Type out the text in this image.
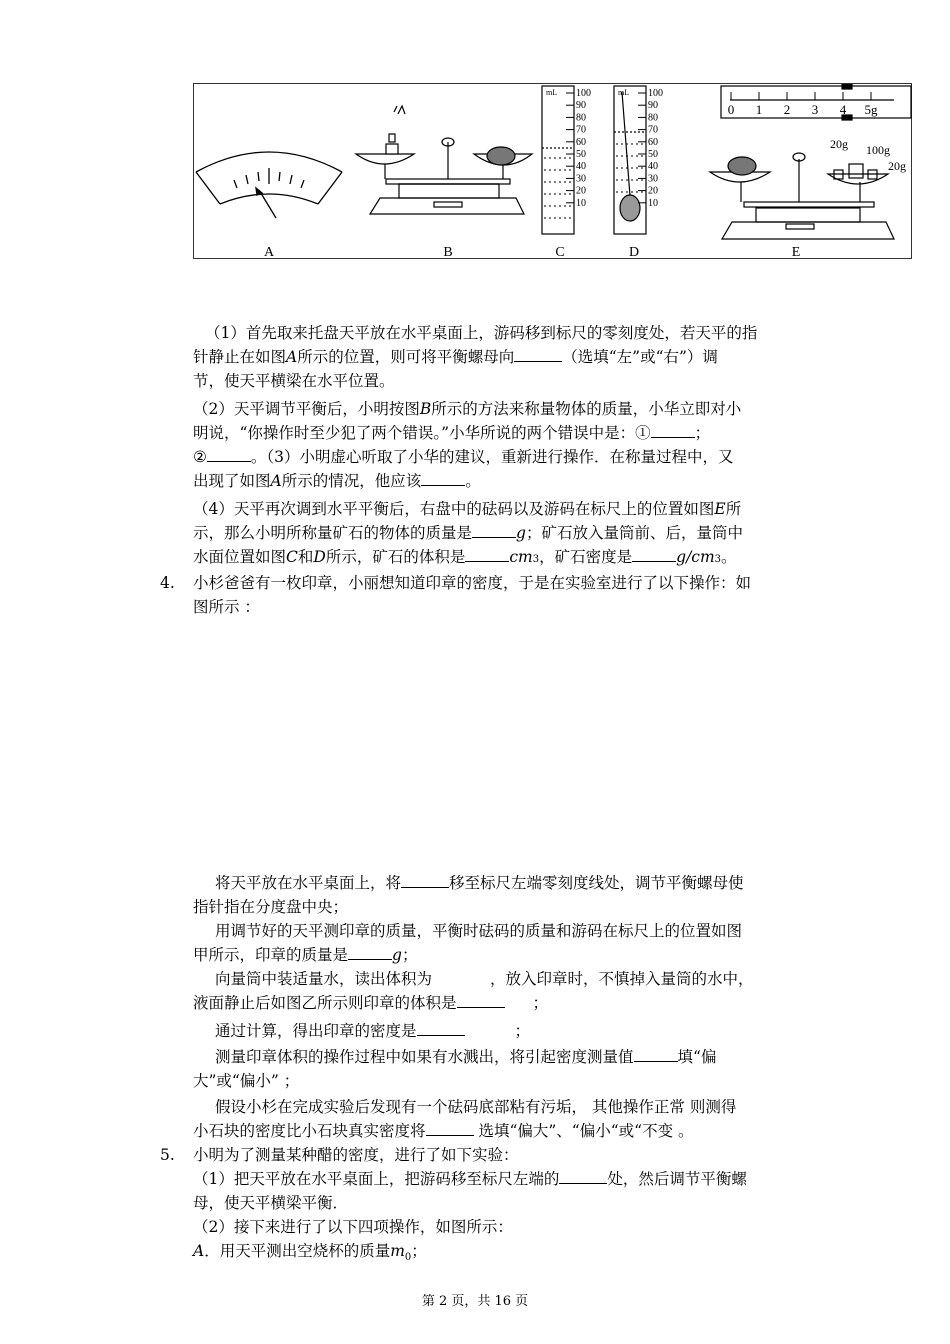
A	B	C	D	E
mL	mL
100	100
90	90
80	80
70	70
60	60
50	50
40	40
30	30
20	20
10	10
0 1 2 3 4 5g
20g 100g
20g
（1）首先取来托盘天平放在水平桌面上，游码移到标尺的零刻度处，若天平的指
针静止在如图A所示的位置，则可将平衡螺母向	（选填“左”或“右”）调
节，使天平横梁在水平位置。
（2）天平调节平衡后，小明按图B所示的方法来称量物体的质量，小华立即对小
明说，“你操作时至少犯了两个错误。”小华所说的两个错误中是：①	；
②	。（3）小明虚心听取了小华的建议，重新进行操作．在称量过程中，又
出现了如图A所示的情况，他应该	。
（4）天平再次调到水平平衡后，右盘中的砝码以及游码在标尺上的位置如图E所
示，那么小明所称量矿石的物体的质量是	g；矿石放入量筒前、后，量筒中
水面位置如图C和D所示，矿石的体积是	cm3，矿石密度是	g/cm3。
4. 小杉爸爸有一枚印章，小丽想知道印章的密度，于是在实验室进行了以下操作：如
图所示 ：
将天平放在水平桌面上，将	移至标尺左端零刻度线处，调节平衡螺母使
指针指在分度盘中央；
用调节好的天平测印章的质量，平衡时砝码的质量和游码在标尺上的位置如图
甲所示，印章的质量是	g；
向量筒中装适量水，读出体积为	，放入印章时，不慎掉入量筒的水中，
液面静止后如图乙所示则印章的体积是	；
通过计算，得出印章的密度是	；
测量印章体积的操作过程中如果有水溅出，将引起密度测量值	填“偏
大”或“偏小” ；
假设小杉在完成实验后发现有一个砝码底部粘有污垢， 其他操作正常 则测得
小石块的密度比小石块真实密度将	选填“偏大”、“偏小“或“不变 。
5. 小明为了测量某种醋的密度，进行了如下实验：
（1）把天平放在水平桌面上，把游码移至标尺左端的	处，然后调节平衡螺
母，使天平横梁平衡．
（2）接下来进行了以下四项操作，如图所示：
A．用天平测出空烧杯的质量$m_0$；
第 2 页，共 16 页
